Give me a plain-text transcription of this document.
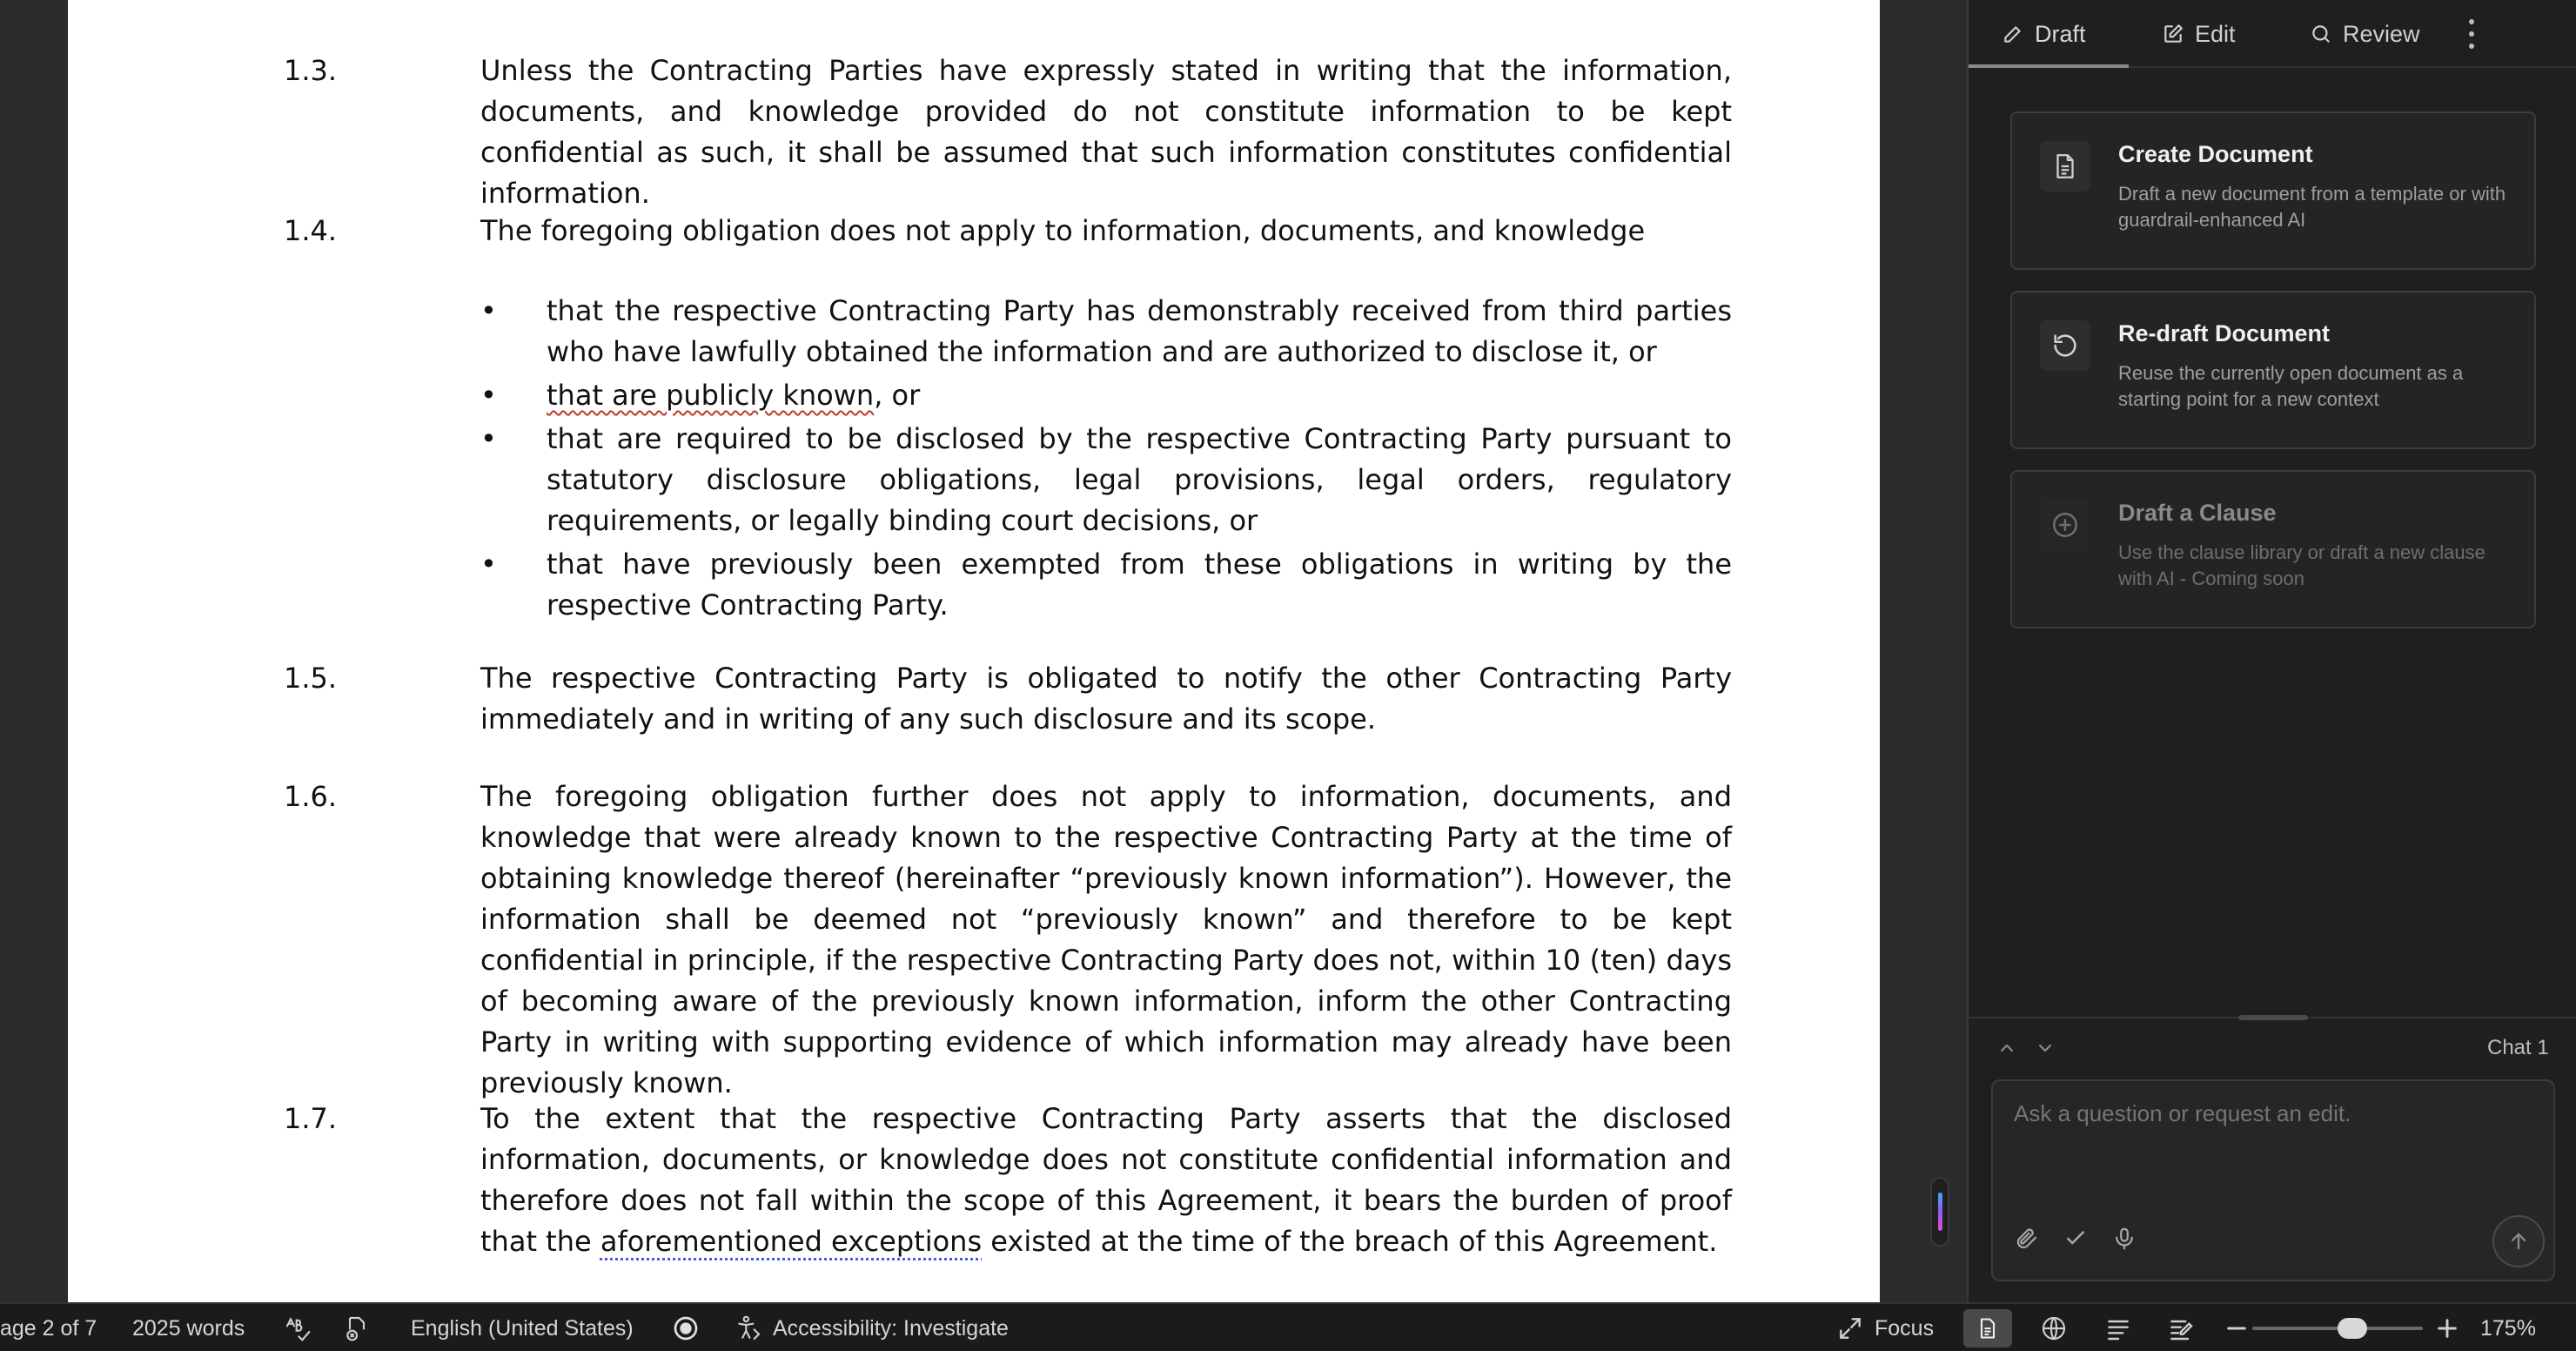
1.3.	Unless the Contracting Parties have expressly stated in writing that the information, documents, and knowledge provided do not constitute information to be kept confidential as such, it shall be assumed that such information constitutes confidential information.
1.4.	The foregoing obligation does not apply to information, documents, and knowledge
• that the respective Contracting Party has demonstrably received from third parties who have lawfully obtained the information and are authorized to disclose it, or
• that are publicly known, or
• that are required to be disclosed by the respective Contracting Party pursuant to statutory disclosure obligations, legal provisions, legal orders, regulatory requirements, or legally binding court decisions, or
• that have previously been exempted from these obligations in writing by the respective Contracting Party.
1.5.	The respective Contracting Party is obligated to notify the other Contracting Party immediately and in writing of any such disclosure and its scope.
1.6.	The foregoing obligation further does not apply to information, documents, and knowledge that were already known to the respective Contracting Party at the time of obtaining knowledge thereof (hereinafter “previously known information”). However, the information shall be deemed not “previously known” and therefore to be kept confidential in principle, if the respective Contracting Party does not, within 10 (ten) days of becoming aware of the previously known information, inform the other Contracting Party in writing with supporting evidence of which information may already have been previously known.
1.7.	To the extent that the respective Contracting Party asserts that the disclosed information, documents, or knowledge does not constitute confidential information and therefore does not fall within the scope of this Agreement, it bears the burden of proof that the aforementioned exceptions existed at the time of the breach of this Agreement.
Draft	Edit	Review
Create Document
Draft a new document from a template or with guardrail-enhanced AI
Re-draft Document
Reuse the currently open document as a starting point for a new context
Draft a Clause
Use the clause library or draft a new clause with AI - Coming soon
Chat 1
Ask a question or request an edit.
age 2 of 7 2025 words	English (United States)	Accessibility: Investigate	Focus	175%
